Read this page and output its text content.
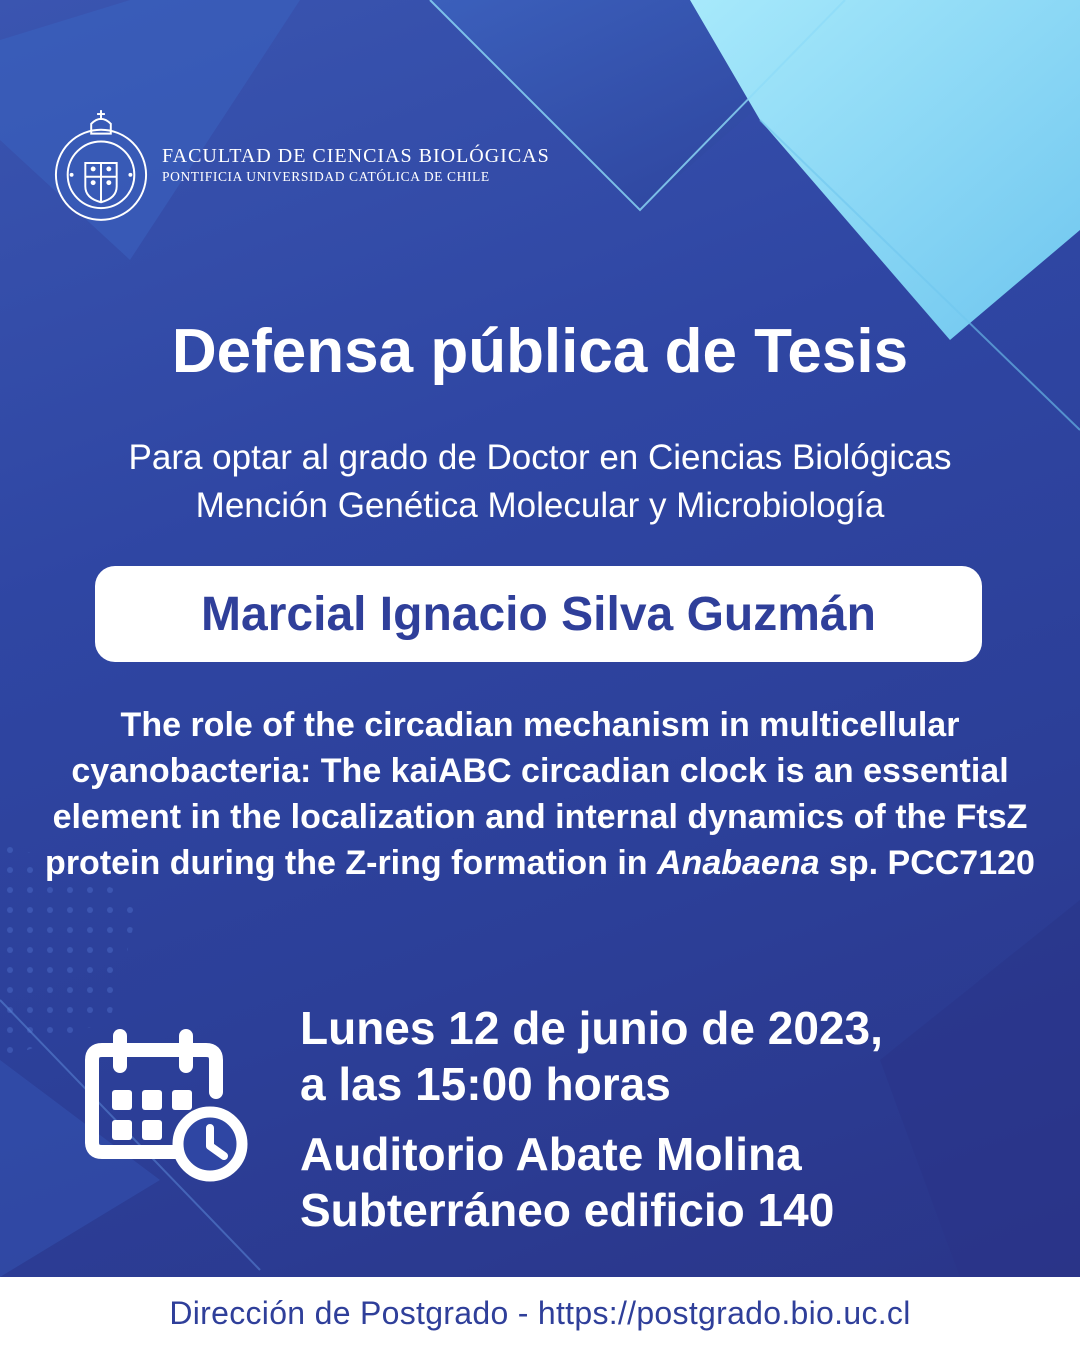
FACULTAD DE CIENCIAS BIOLÓGICAS
PONTIFICIA UNIVERSIDAD CATÓLICA DE CHILE
Defensa pública de Tesis
Para optar al grado de Doctor en Ciencias Biológicas
Mención Genética Molecular y Microbiología
Marcial Ignacio Silva Guzmán
The role of the circadian mechanism in multicellular cyanobacteria: The kaiABC circadian clock is an essential element in the localization and internal dynamics of the FtsZ protein during the Z-ring formation in Anabaena sp. PCC7120
Lunes 12 de junio de 2023,
a las 15:00 horas
Auditorio Abate Molina
Subterráneo edificio 140
Dirección de Postgrado - https://postgrado.bio.uc.cl
